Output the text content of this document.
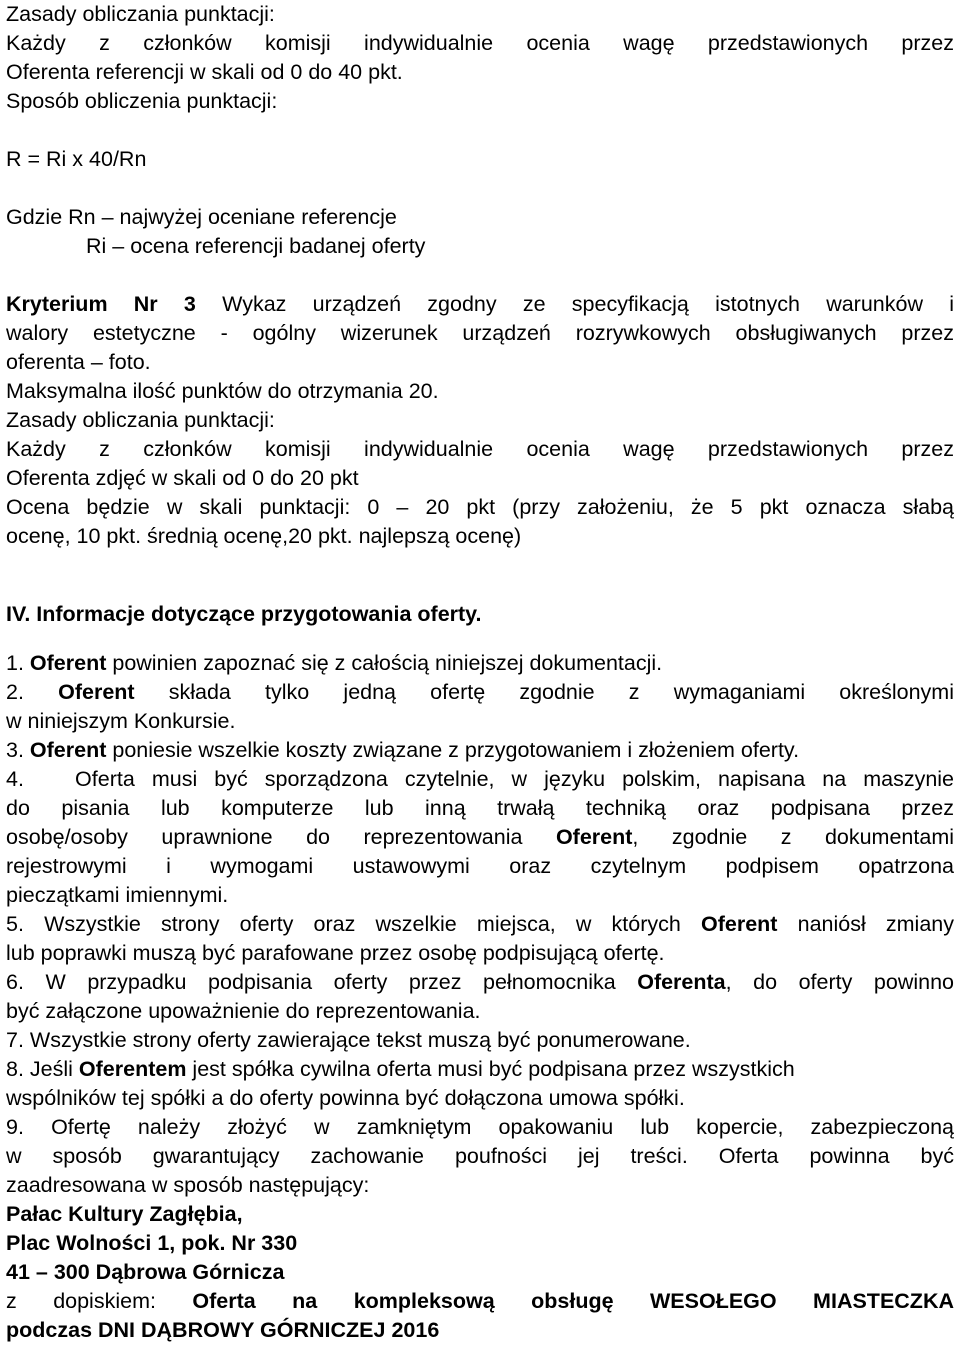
Zasady obliczania punktacji:

Każdy z członków komisji indywidualnie ocenia wagę przedstawionych przez

Oferenta referencji w skali od 0 do 40 pkt.

Sposób obliczenia punktacji:

R = Ri x 40/Rn

Gdzie Rn – najwyżej oceniane referencje

Ri – ocena referencji badanej oferty

Kryterium Nr 3 Wykaz urządzeń zgodny ze specyfikacją istotnych warunków i

walory estetyczne - ogólny wizerunek urządzeń rozrywkowych obsługiwanych przez

oferenta – foto.

Maksymalna ilość punktów do otrzymania 20.

Zasady obliczania punktacji:

Każdy z członków komisji indywidualnie ocenia wagę przedstawionych przez

Oferenta zdjęć w skali od 0 do 20 pkt

Ocena będzie w skali punktacji: 0 – 20 pkt (przy założeniu, że 5 pkt oznacza słabą

ocenę, 10 pkt. średnią ocenę,20 pkt. najlepszą ocenę)

IV. Informacje dotyczące przygotowania oferty.

1. Oferent powinien zapoznać się z całością niniejszej dokumentacji.

2. Oferent składa tylko jedną ofertę zgodnie z wymaganiami określonymi

w niniejszym Konkursie.

3. Oferent poniesie wszelkie koszty związane z przygotowaniem i złożeniem oferty.

4. Oferta musi być sporządzona czytelnie, w języku polskim, napisana na maszynie

do pisania lub komputerze lub inną trwałą techniką oraz podpisana przez

osobę/osoby uprawnione do reprezentowania Oferent, zgodnie z dokumentami

rejestrowymi i wymogami ustawowymi oraz czytelnym podpisem opatrzona

pieczątkami imiennymi.

5. Wszystkie strony oferty oraz wszelkie miejsca, w których Oferent naniósł zmiany

lub poprawki muszą być parafowane przez osobę podpisującą ofertę.

6. W przypadku podpisania oferty przez pełnomocnika Oferenta, do oferty powinno

być załączone upoważnienie do reprezentowania.

7. Wszystkie strony oferty zawierające tekst muszą być ponumerowane.

8. Jeśli Oferentem jest spółka cywilna oferta musi być podpisana przez wszystkich

wspólników tej spółki a do oferty powinna być dołączona umowa spółki.

9. Ofertę należy złożyć w zamkniętym opakowaniu lub kopercie, zabezpieczoną

w sposób gwarantujący zachowanie poufności jej treści. Oferta powinna być

zaadresowana w sposób następujący:

Pałac Kultury Zagłębia,

Plac Wolności 1, pok. Nr 330

41 – 300 Dąbrowa Górnicza

z dopiskiem: Oferta na kompleksową obsługę WESOŁEGO MIASTECZKA

podczas DNI DĄBROWY GÓRNICZEJ 2016
